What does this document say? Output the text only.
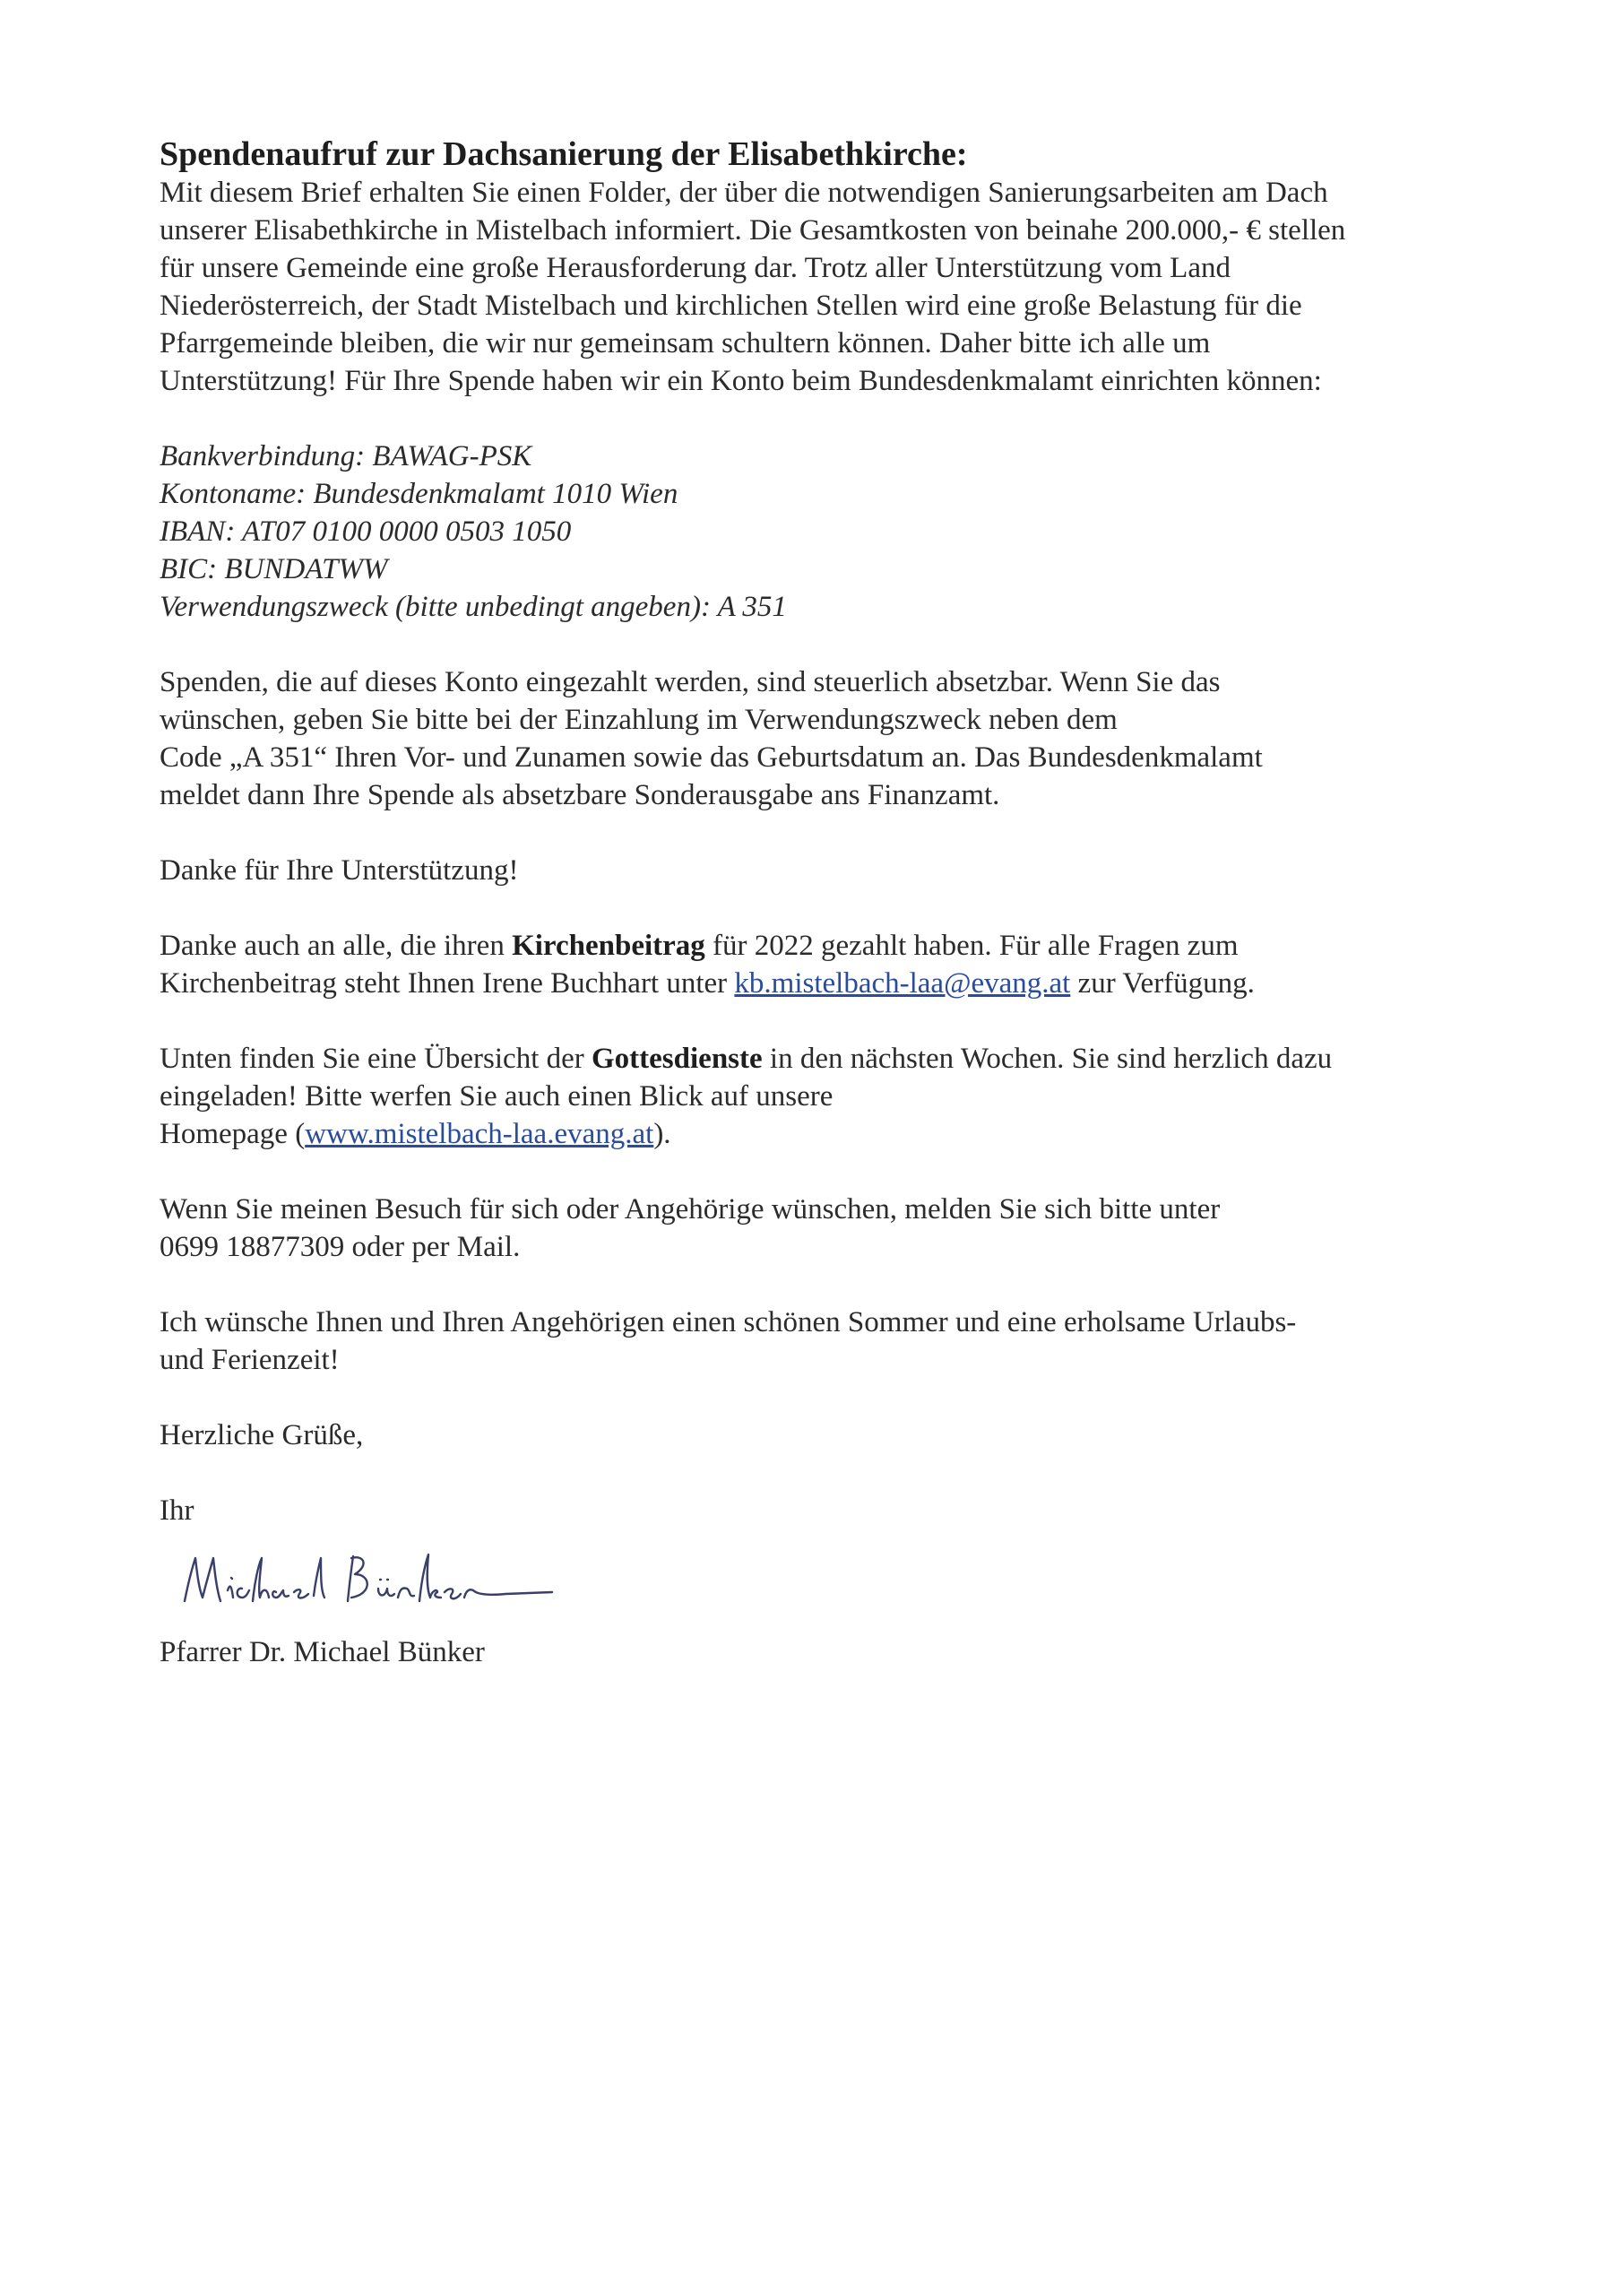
Spendenaufruf zur Dachsanierung der Elisabethkirche:

Mit diesem Brief erhalten Sie einen Folder, der über die notwendigen Sanierungsarbeiten am Dach
unserer Elisabethkirche in Mistelbach informiert. Die Gesamtkosten von beinahe 200.000,- € stellen
für unsere Gemeinde eine große Herausforderung dar. Trotz aller Unterstützung vom Land
Niederösterreich, der Stadt Mistelbach und kirchlichen Stellen wird eine große Belastung für die
Pfarrgemeinde bleiben, die wir nur gemeinsam schultern können. Daher bitte ich alle um
Unterstützung! Für Ihre Spende haben wir ein Konto beim Bundesdenkmalamt einrichten können:

Bankverbindung: BAWAG-PSK
Kontoname: Bundesdenkmalamt 1010 Wien
IBAN: AT07 0100 0000 0503 1050
BIC: BUNDATWW
Verwendungszweck (bitte unbedingt angeben): A 351

Spenden, die auf dieses Konto eingezahlt werden, sind steuerlich absetzbar. Wenn Sie das
wünschen, geben Sie bitte bei der Einzahlung im Verwendungszweck neben dem
Code „A 351“ Ihren Vor- und Zunamen sowie das Geburtsdatum an. Das Bundesdenkmalamt
meldet dann Ihre Spende als absetzbare Sonderausgabe ans Finanzamt.

Danke für Ihre Unterstützung!

Danke auch an alle, die ihren Kirchenbeitrag für 2022 gezahlt haben. Für alle Fragen zum
Kirchenbeitrag steht Ihnen Irene Buchhart unter kb.mistelbach-laa@evang.at zur Verfügung.

Unten finden Sie eine Übersicht der Gottesdienste in den nächsten Wochen. Sie sind herzlich dazu
eingeladen! Bitte werfen Sie auch einen Blick auf unsere
Homepage (www.mistelbach-laa.evang.at).

Wenn Sie meinen Besuch für sich oder Angehörige wünschen, melden Sie sich bitte unter
0699 18877309 oder per Mail.

Ich wünsche Ihnen und Ihren Angehörigen einen schönen Sommer und eine erholsame Urlaubs-
und Ferienzeit!

Herzliche Grüße,

Ihr

Pfarrer Dr. Michael Bünker
